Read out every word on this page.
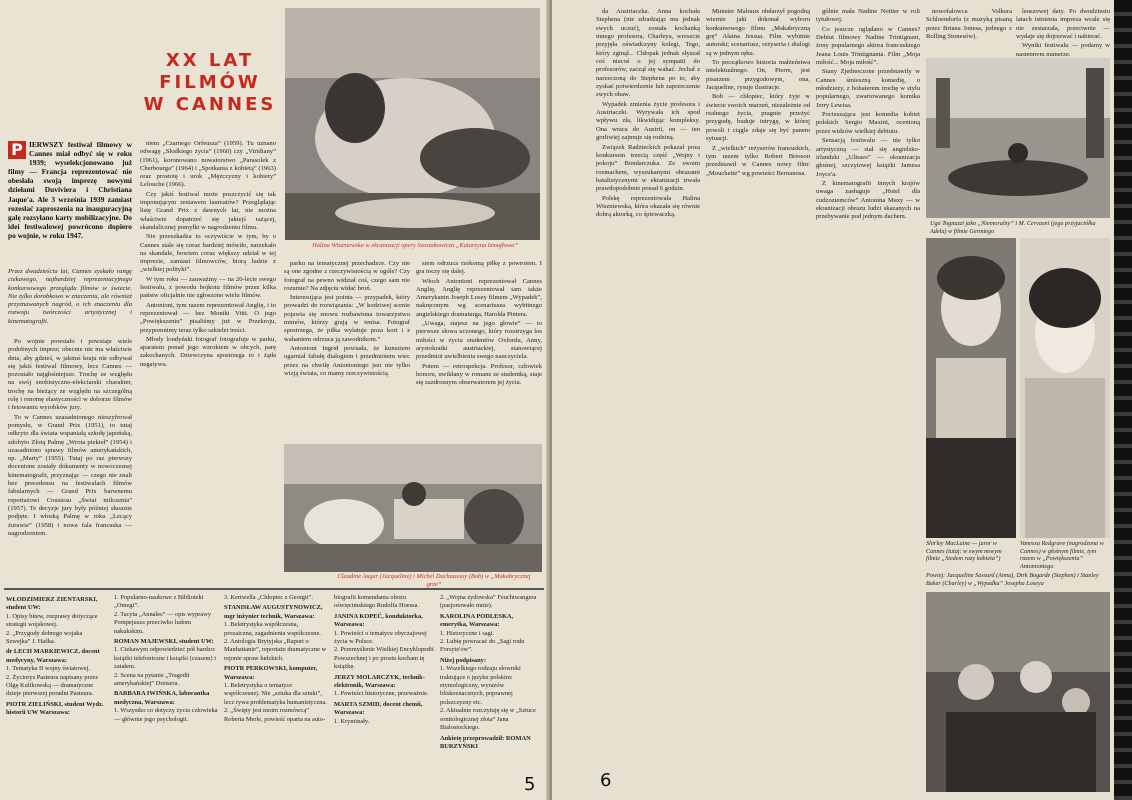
XX LAT
FILMÓW
W CANNES
Halina Wiszniewska w ekranizacji opery Szostakowicza „Katarzyna Izmajłowa”
P IERWSZY festiwal filmowy w Cannes miał odbyć się w roku 1939; wyselekcjonowano już filmy — Francja reprezentować nie obesłała swoją imprezę nowymi dziełami Duviviera i Christiana Jaque'a. Ale 3 września 1939 zamiast rozesłać zaproszenia na inauguracyjną galę rozsyłano karty mobilizacyjne. Do idei festiwalowej powrócono dopiero po wojnie, w roku 1947.
Przez dwadzieścia lat, Cannes zyskało rangę ciekawego, najbardziej reprezentacyjnego konkursowego przeglądu filmów w świecie. Nie tylko dorobkowo w znaczeniu, ale również przyznawanych nagród, o ich znaczeniu dla rozwoju twórczości artystycznej i kinematografii.

Po wojnie powstało i powstaje wiele podobnych imprez; obecnie nie ma właściwie dnia, aby gdzieś, w jakimś kraju nie odbywał się jakiś festiwal filmowy, lecz Cannes — pozostało najgłośniejsze. Trochę ze względu na swój snobistyczno-efekciarski charakter, trochę na bieżący ze względu na szczególną rolę i renomę elastyczności w doborze filmów i fetowaniu wyrobków jury.

To w Cannes uzasadnionego nieszyfrował pomysłu, w Grand Prix (1951), to tutaj odkryto dla świata wspaniałą szkołę japońską, zdobyto Złotą Palmę „Wrota piekieł” (1954) i uzasadniono sprawy filmów amerykańskich, np. „Marty” (1955). Tutaj po raz pierwszy docenione zostały dokumenty w nowoczesnej kinematografii, przyznając — czego nie znali bez precedensu na festiwalach filmów fabularnych — Grand Prix barwnemu reportażowi Cousteau „Świat milczenia” (1957). Te decyzje jury były później słusznie podjęte. I włoską Palmę w roku „Lecący żurawie” (1958) i nowa fala francuska — nagrodzeniem.

niem „Czarnego Orfeusza” (1959). Tu uznano odwagę „Słodkiego życia” (1960) czy „Viridiany” (1961), koronowano nowatorstwo „Parasolek z Cherbourga” (1964) i „Spotkania z kobietą” (1963) oraz prostotę i urok „Mężczyzny i kobiety” Lelouche (1966).

Czy jakiś festiwal może poszczycić się tak imponującym zestawem laureatów? Przeglądając listę Grand Prix z dawnych lat, nie można właściwie dopatrzeć się jakiejś rażącej, skandalicznej pomyłki w nagrodzeniu filmu.

Nie przeszkadza to oczywiście w tym, by o Cannes stale się coraz bardziej mówiło, narzekało na skandale, bowiem coraz większy udział w tej imprezie, zamiast filmowców, biorą ludzie z „wielkiej polityki”.

W tym roku — zauważmy — na 20-lecie swego festiwalu, z powodu bojkotu filmów przez kilka państw oficjalnie nie zgłoszono wielu filmów.

Antonioni, tym razem reprezentował Anglię, i to reprezentował — bez Moniki Vitti. O jego „Powiększeniu” pisaliśmy już w Przekroju, przypomnimy teraz tylko szkielet treści.

Młody londyński fotograf fotografuje w parku, aparatem ponad jego wzrokiem w obcych, parę zakochanych. Dziewczyna spostrzega to i żąda negatywu.

parku na tematycznej przechadzce. Czy nie są one zgodne z rzeczywistością w ogóle? Czy fotograf na pewno widział coś, czego sam nie rozumie? Na zdjęciu widać broń.

Interesująca jest pointa — przypadek, który prowadzi do rozwiązania: „W kodziwej scenie pojawia się znowu rozbawiona towarzystwo mimów, którzy grają w tenisa. Fotograf spostrzega, że piłka wylatuje poza kort i z wahaniem odrzuca ją zawodnikom.”

Antonioni Ingrid powiada, że kunsztem ogarniał fabułę dialogiem i przedmiotem wiec przez na chwilę Antonioniego jest nie tylko wizją świata, co mamy rzeczywistością.

siem odrzuca rzekomą piłkę z powrotem. I gra toczy się dalej.

Włoch Antonioni reprezentował Cannes Anglię, Anglię reprezentował tam także Amerykanin Joseph Losey filmem „Wypadek”, nakręconym wg scenariusza wybitnego angielskiego dramaturga, Harolda Pintera.

„Uwaga, stajesz na jego głowie” — to pierwsze słowa uczonego, który rozstrzyga los miłości w życiu studentów Oxfordu, Anny, arystokratki austriackiej, stanowiącej przedmiot uwielbienia swego nauczyciela.

Potem — retrospekcja. Profesor, człowiek honoru, uwikłany w romans ze studentką, staje się zazdrosnym obserwatorem jej życia.

Claudine Auger (Jacqueline) i Michel Duchaussoy (Bob) w „Makabrycznej grze”
WŁODZIMIERZ ZIENTARSKI, student UW:
1. Opisy bitew, rozprawy dotyczące strategii wojskowej.
2. „Przygody dobrego wojaka Szwejka” J. Haška.
dr LECH MARKIEWICZ, docent medycyny, Warszawa:
1. Tematyka II wojny światowej.
2. Życiorys Pasteura napisany przez Olgę Kulikowską — dramatyczne dzieje pierwszej poradni Pasteura.
PIOTR ZIELIŃSKI, student Wydz. historii UW Warszawa:
1. Popularno-naukowe z Biblioteki „Omegi”.
2. Tacyta „Annales” — opis wyprawy Pompejusza przeciwko ludom nakukskim.
ROMAN MAJEWSKI, student UW:
1. Ciekawym odpowiedzieć pół bardzo: książki telefoniczne i książki (czasem) i zatałem.
2. Scena na pytanie „Tragedii amerykańskiej” Dreisera.
BARBARA IWIŃSKA, laborantka medyczna, Warszawa:
1. Wszystko co dotyczy życia człowieka — głównie jego psychologii.
3. Kertwella „Chłopiec z Georgii”.
STANISŁAW AUGUSTYNOWICZ, mgr inżynier technik, Warszawa:
1. Beletrystyka współczesna, prozaiczna, zagadnienia współczesne.
2. Antologia Brytyjska „Raport o Manhattanie”, reportaże dramatyczne w rejonie spraw ludzkich.
PIOTR PERKOWSKI, komputer, Warszawa:
1. Beletrystyka o tematyce współczesnej. Nie „sztuka dla sztuki”, lecz rywa problematyka humanistyczna.
2. „Święty jest moim rozmówcą” Roberta Merle, powieść oparta na auto-
biografii komendanta obozu oświęcimskiego Rudolfa Hoessa.
JANINA KOPEĆ, konduktorka, Warszawa:
1. Powieści o tematyce obyczajowej życia w Polsce.
2. Przemyślenie Wielkiej Encyklopedii Powszechnej i po prostu kocham tę książkę.
JERZY MOLARCZYK, technik-elektronik, Warszawa:
1. Powieści historyczne, przeważnie.
MARTA SZMID, docent chemii, Warszawa:
1. Kryminały.
2. „Wojna żydowska” Feuchtwangera (pasjonowało mnie).
KAROLINA PODLESKA, emerytka, Warszawa:
1. Historyczne i sagi.
2. Lubię powracać do „Sagi rodu Forsyte'ów”.
Niżej podpisany:
1. Wszelkiego rodzaju słowniki traktujące o języku polskim: etymologiczny, wyrazów bliskoznacznych, poprawnej polszczyzny etc.
2. Aktualnie rozczytuję się w „Sztuce ornitologicznej złota” Jana Bialostockiego.
Ankietę przeprowadził: ROMAN BURZYŃSKI
5

da Austriaczka. Anna kochała Stephena (nie zdradzając mu jednak swych uczuć), została kochanką innego profesora, Charleya, wreszcie przyjęła oświadczyny kolegi, Tego, który zginął... Chłopak jednak słyszał coś niecoś o jej sympatii do profesorów, zaczął się wahać. Jechał z narzeczoną do Stephena po to, aby zyskać potwierdzenie lub zaprzeczenie swych obaw.

Wypadek zmienia życie profesora i Austriaczki. Wyrywała ich spod wpływu zła, likwidując kompleksy. Ona wraca do Austrii, on — ten gorliwiej zajmuje się rodziną.

Związek Radzieckich pokazał poza konkursem trzecią część „Wojny i pokoju” Bondarczuka. Ze swoim rozmachem, wyszukanymi obrazami batalistycznymi w ekranizacji trwała prawdopodobnie ponad 6 godzin.

Polskę reprezentowała Halina Wiszniewska, która okazała się równie dobrą aktorką, co śpiewaczką.

Minister Malraux obdarzył pogodną wiernie jaki dokonał wyboru konkursowego filmu „Makabryczną grę” Alaina Jessua. Film wybitnie autorski; scenariusz, reżyseria i dialogi są w jednym ręku.

To początkowo historia małżeństwa intelektualnego. On, Pierre, jest pisarzem przygodowym, ona, Jacqueline, rysuje ilustracje.

Bob — chłopiec, który żyje w świecie swoich marzeń, niezależnie od realnego życia, pragnie przeżyć przygodę, buduje intrygę, w której powoli i ciągle zdaje się być panem sytuacji.

Z „wielkich” reżyserów francuskich, tym razem tylko Robert Bresson przedstawił w Cannes nowy film: „Mouchette” wg powieści Bernanosa.

gólnie mała Nadine Nottier w roli tytułowej.

Co jeszcze oglądano w Cannes? Debiut filmowy Nadine Trintignant, żony popularnego aktora francuskiego Jeana Louis Trintignanta. Film „Moja miłość... Moja miłość”.

Stany Zjednoczone przedstawiły w Cannes śmieszną komedię, o młodzieży, z bohaterem trochę w stylu popularnego, zwariowanego komika Jerry Lewisa.

Pocieszająca jest komedia kobiet polskich Sergio Maxini, ocenioną przez widzów wielkiej debiutu.

Sensacją festiwalu — nie tylko artystyczną — stał się angielsko-irlandzki „Ulisses” — ekranizacja głośnej, szczytowej książki Jamesa Joyce'a.

Z kinematografii innych krajów uwaga zasługuje „Hotel dla cudzoziemców” Antonina Maxy — w ekranizacji obrazu ludzi skazanych na przebywanie pod jednym dachem.

nowofalowca Volkera Schloendorfa (z muzyką pisaną przez Briana Jonesa, jednego z Rolling Stonesów).

leuszowej daty. Po dwudziestu latach istnienia impreza wcale się nie zestarzała, przeciwnie — wydaje się dojrzewać i nabierać.

Wyniki festiwalu — podamy w następnym numerze.

Ugo Tognazzi jako „Niemoralny” i M. Cervasni (jego przyjaciółka Adela) w filmie Germiego
Shirley MacLaine — juror w Cannes (tutaj: w swym nowym filmie „Siedem razy kobieta”)
Vanessa Redgrave (nagrodzona w Cannes) w głośnym filmie, tym razem w „Powiększeniu” Antonioniego
Powiej: Jacqueline Sassard (Anna), Dirk Bogarde (Stephen) i Stanley Baker (Charley) w „Wypadku” Josepha Loseya
6
